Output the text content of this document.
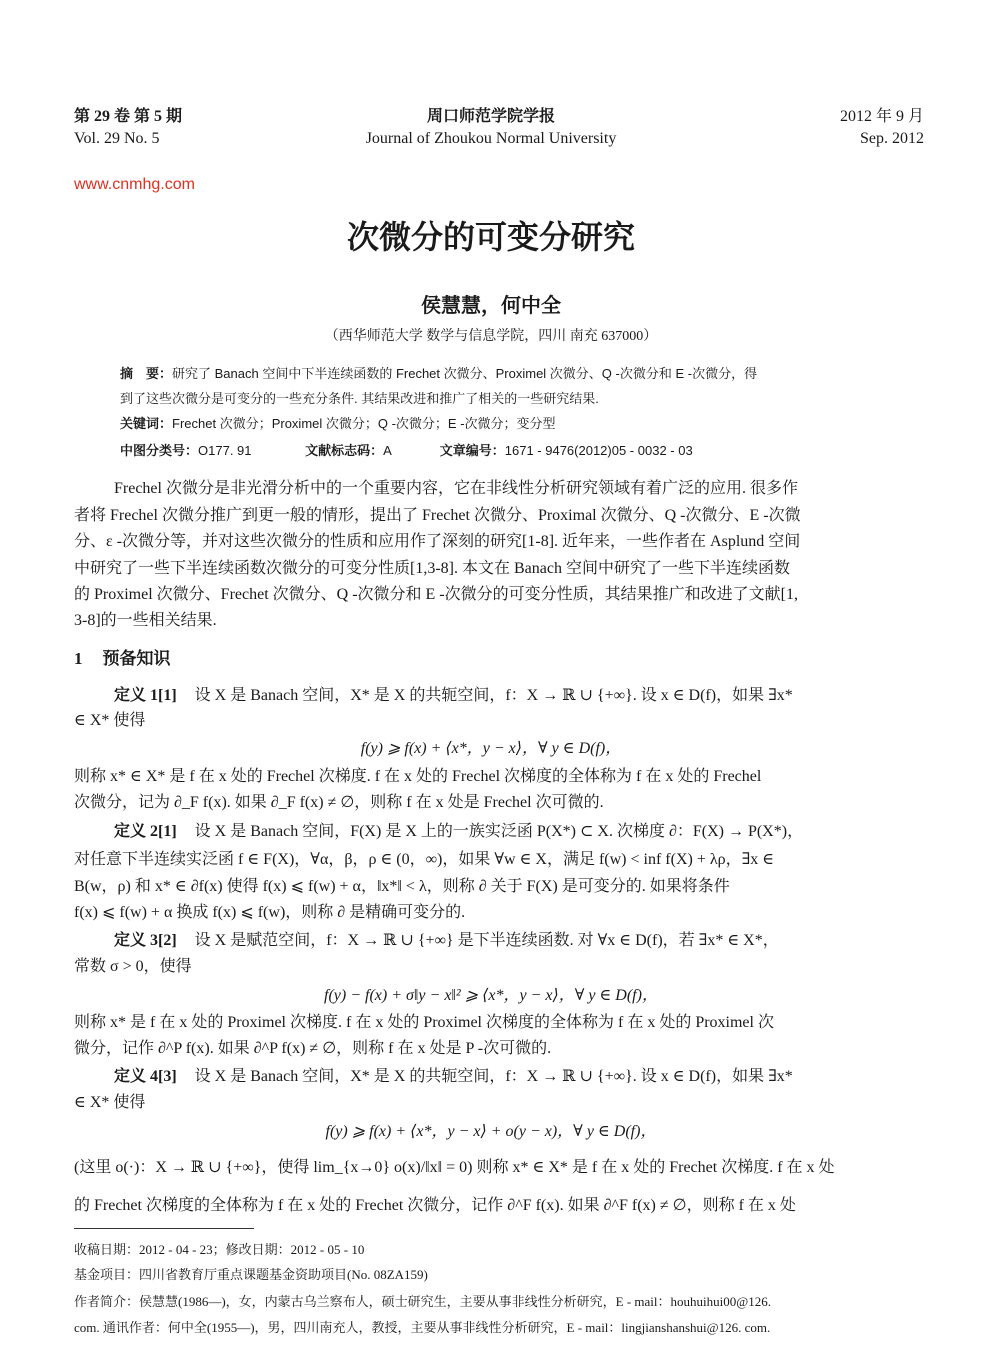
第 29 卷 第 5 期
Vol. 29 No. 5
周口师范学院学报
Journal of Zhoukou Normal University
2012 年 9 月
Sep. 2012
www.cnmhg.com
次微分的可变分研究
侯慧慧，何中全
（西华师范大学 数学与信息学院，四川 南充 637000）
摘　要：研究了 Banach 空间中下半连续函数的 Frechet 次微分、Proximel 次微分、Q -次微分和 E -次微分，得
到了这些次微分是可变分的一些充分条件. 其结果改进和推广了相关的一些研究结果.
关键词：Frechet 次微分；Proximel 次微分；Q -次微分；E -次微分；变分型
中图分类号：O177. 91	文献标志码：A	文章编号：1671 - 9476(2012)05 - 0032 - 03
Frechel 次微分是非光滑分析中的一个重要内容，它在非线性分析研究领域有着广泛的应用. 很多作
者将 Frechel 次微分推广到更一般的情形，提出了 Frechet 次微分、Proximal 次微分、Q -次微分、E -次微
分、ε -次微分等，并对这些次微分的性质和应用作了深刻的研究[1-8]. 近年来，一些作者在 Asplund 空间
中研究了一些下半连续函数次微分的可变分性质[1,3-8]. 本文在 Banach 空间中研究了一些下半连续函数
的 Proximel 次微分、Frechet 次微分、Q -次微分和 E -次微分的可变分性质，其结果推广和改进了文献[1,
3-8]的一些相关结果.
1 预备知识
定义 1[1] 设 X 是 Banach 空间，X* 是 X 的共轭空间，f：X → ℝ ∪ {+∞}. 设 x ∈ D(f)，如果 ∃x*
∈ X* 使得
f(y) ⩾ f(x) + ⟨x*，y − x⟩，∀ y ∈ D(f)，
则称 x* ∈ X* 是 f 在 x 处的 Frechel 次梯度. f 在 x 处的 Frechel 次梯度的全体称为 f 在 x 处的 Frechel
次微分，记为 ∂_F f(x). 如果 ∂_F f(x) ≠ ∅，则称 f 在 x 处是 Frechel 次可微的.
定义 2[1] 设 X 是 Banach 空间，F(X) 是 X 上的一族实泛函 P(X*) ⊂ X. 次梯度 ∂：F(X) → P(X*)，
对任意下半连续实泛函 f ∈ F(X)，∀α，β，ρ ∈ (0，∞)，如果 ∀w ∈ X，满足 f(w) < inf f(X) + λρ，∃x ∈
B(w，ρ) 和 x* ∈ ∂f(x) 使得 f(x) ⩽ f(w) + α，‖x*‖ < λ，则称 ∂ 关于 F(X) 是可变分的. 如果将条件
f(x) ⩽ f(w) + α 换成 f(x) ⩽ f(w)，则称 ∂ 是精确可变分的.
定义 3[2] 设 X 是赋范空间，f：X → ℝ ∪ {+∞} 是下半连续函数. 对 ∀x ∈ D(f)，若 ∃x* ∈ X*，
常数 σ > 0，使得
f(y) − f(x) + σ‖y − x‖² ⩾ ⟨x*，y − x⟩，∀ y ∈ D(f)，
则称 x* 是 f 在 x 处的 Proximel 次梯度. f 在 x 处的 Proximel 次梯度的全体称为 f 在 x 处的 Proximel 次
微分，记作 ∂^P f(x). 如果 ∂^P f(x) ≠ ∅，则称 f 在 x 处是 P -次可微的.
定义 4[3] 设 X 是 Banach 空间，X* 是 X 的共轭空间，f：X → ℝ ∪ {+∞}. 设 x ∈ D(f)，如果 ∃x*
∈ X* 使得
f(y) ⩾ f(x) + ⟨x*，y − x⟩ + o(y − x)，∀ y ∈ D(f)，
(这里 o(·)：X → ℝ ∪ {+∞}，使得 lim_{x→0} o(x)/‖x‖ = 0) 则称 x* ∈ X* 是 f 在 x 处的 Frechet 次梯度. f 在 x 处
的 Frechet 次梯度的全体称为 f 在 x 处的 Frechet 次微分，记作 ∂^F f(x). 如果 ∂^F f(x) ≠ ∅，则称 f 在 x 处
收稿日期：2012 - 04 - 23；修改日期：2012 - 05 - 10
基金项目：四川省教育厅重点课题基金资助项目(No. 08ZA159)
作者简介：侯慧慧(1986—)，女，内蒙古乌兰察布人，硕士研究生，主要从事非线性分析研究，E - mail：houhuihui00@126.
com. 通讯作者：何中全(1955—)，男，四川南充人，教授，主要从事非线性分析研究，E - mail：lingjianshanshui@126. com.
